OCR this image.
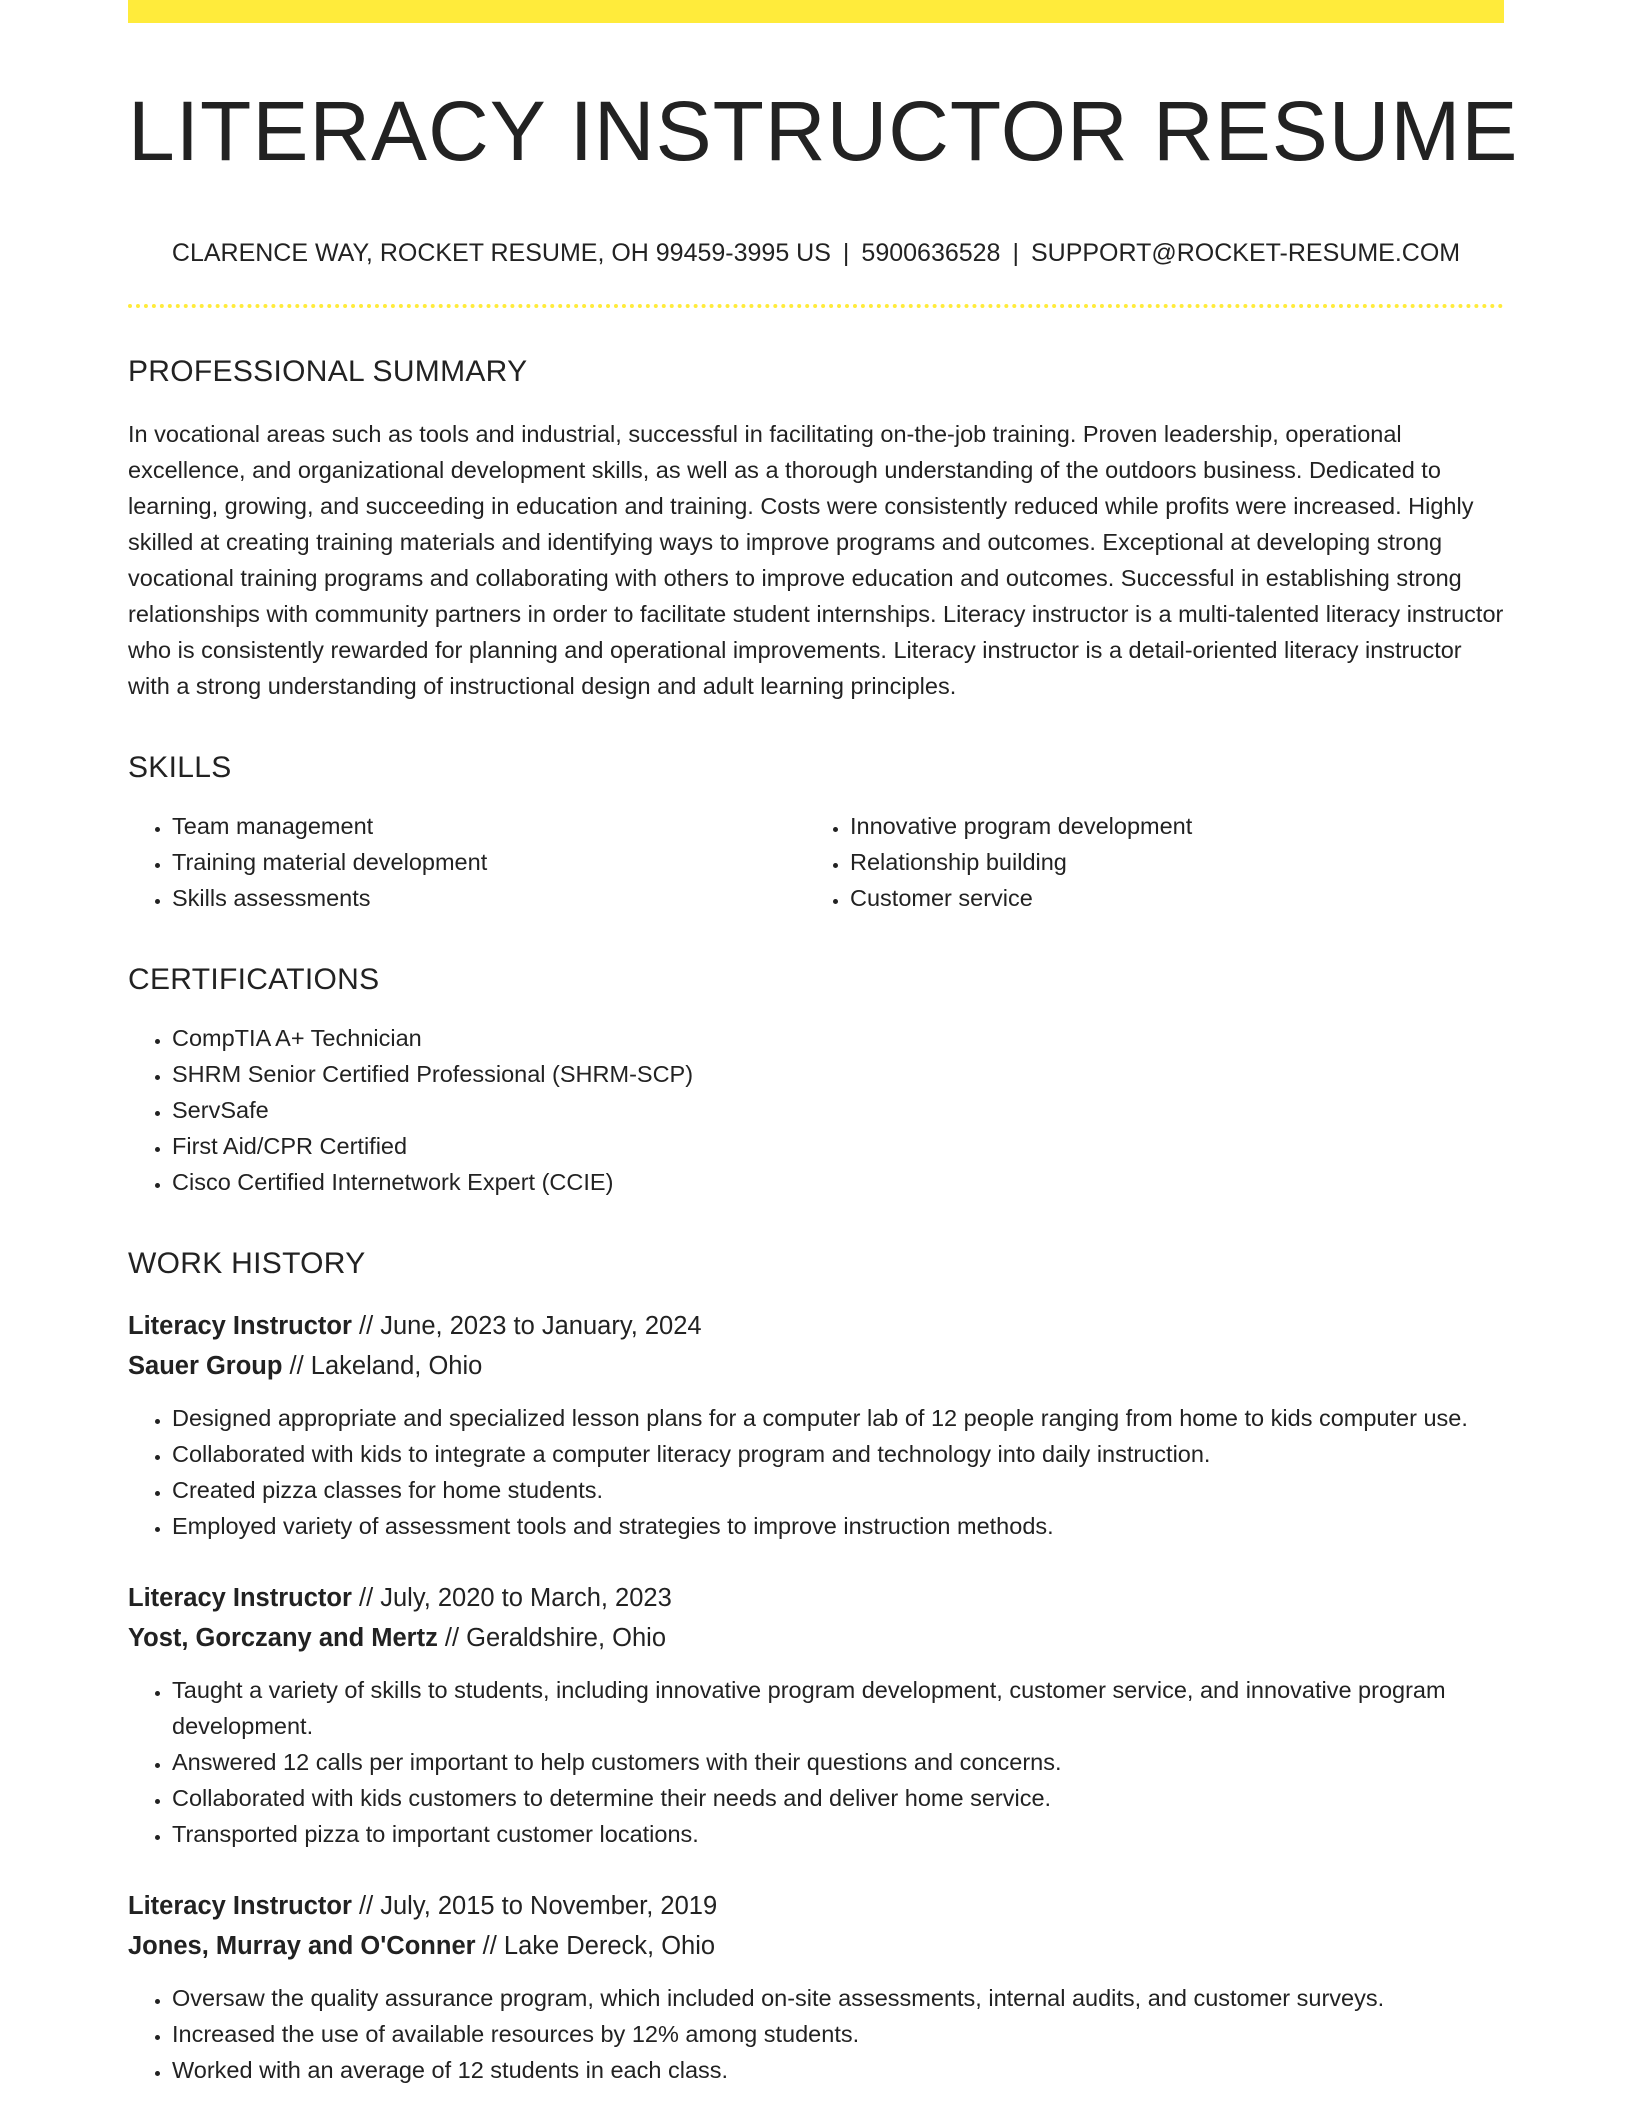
LITERACY INSTRUCTOR RESUME
CLARENCE WAY, ROCKET RESUME, OH 99459-3995 US | 5900636528 | SUPPORT@ROCKET-RESUME.COM
PROFESSIONAL SUMMARY
In vocational areas such as tools and industrial, successful in facilitating on-the-job training. Proven leadership, operational excellence, and organizational development skills, as well as a thorough understanding of the outdoors business. Dedicated to learning, growing, and succeeding in education and training. Costs were consistently reduced while profits were increased. Highly skilled at creating training materials and identifying ways to improve programs and outcomes. Exceptional at developing strong vocational training programs and collaborating with others to improve education and outcomes. Successful in establishing strong relationships with community partners in order to facilitate student internships. Literacy instructor is a multi-talented literacy instructor who is consistently rewarded for planning and operational improvements. Literacy instructor is a detail-oriented literacy instructor with a strong understanding of instructional design and adult learning principles.
SKILLS
• Team management
• Training material development
• Skills assessments
• Innovative program development
• Relationship building
• Customer service
CERTIFICATIONS
• CompTIA A+ Technician
• SHRM Senior Certified Professional (SHRM-SCP)
• ServSafe
• First Aid/CPR Certified
• Cisco Certified Internetwork Expert (CCIE)
WORK HISTORY
Literacy Instructor // June, 2023 to January, 2024
Sauer Group // Lakeland, Ohio
• Designed appropriate and specialized lesson plans for a computer lab of 12 people ranging from home to kids computer use.
• Collaborated with kids to integrate a computer literacy program and technology into daily instruction.
• Created pizza classes for home students.
• Employed variety of assessment tools and strategies to improve instruction methods.
Literacy Instructor // July, 2020 to March, 2023
Yost, Gorczany and Mertz // Geraldshire, Ohio
• Taught a variety of skills to students, including innovative program development, customer service, and innovative program development.
• Answered 12 calls per important to help customers with their questions and concerns.
• Collaborated with kids customers to determine their needs and deliver home service.
• Transported pizza to important customer locations.
Literacy Instructor // July, 2015 to November, 2019
Jones, Murray and O'Conner // Lake Dereck, Ohio
• Oversaw the quality assurance program, which included on-site assessments, internal audits, and customer surveys.
• Increased the use of available resources by 12% among students.
• Worked with an average of 12 students in each class.
